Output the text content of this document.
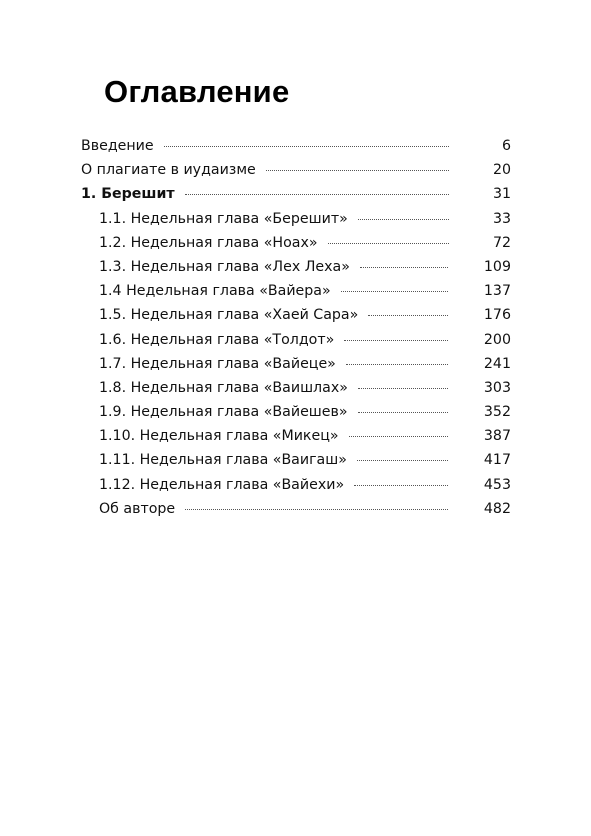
Оглавление
Введение	6
О плагиате в иудаизме	20
1. Берешит	31
1.1. Недельная глава «Берешит»	33
1.2. Недельная глава «Ноах»	72
1.3. Недельная глава «Лех Леха»	109
1.4 Недельная глава «Вайера»	137
1.5. Недельная глава «Хаей Сара»	176
1.6. Недельная глава «Толдот»	200
1.7. Недельная глава «Вайеце»	241
1.8. Недельная глава «Ваишлах»	303
1.9. Недельная глава «Вайешев»	352
1.10. Недельная глава «Микец»	387
1.11. Недельная глава «Ваигаш»	417
1.12. Недельная глава «Вайехи»	453
Об авторе	482
